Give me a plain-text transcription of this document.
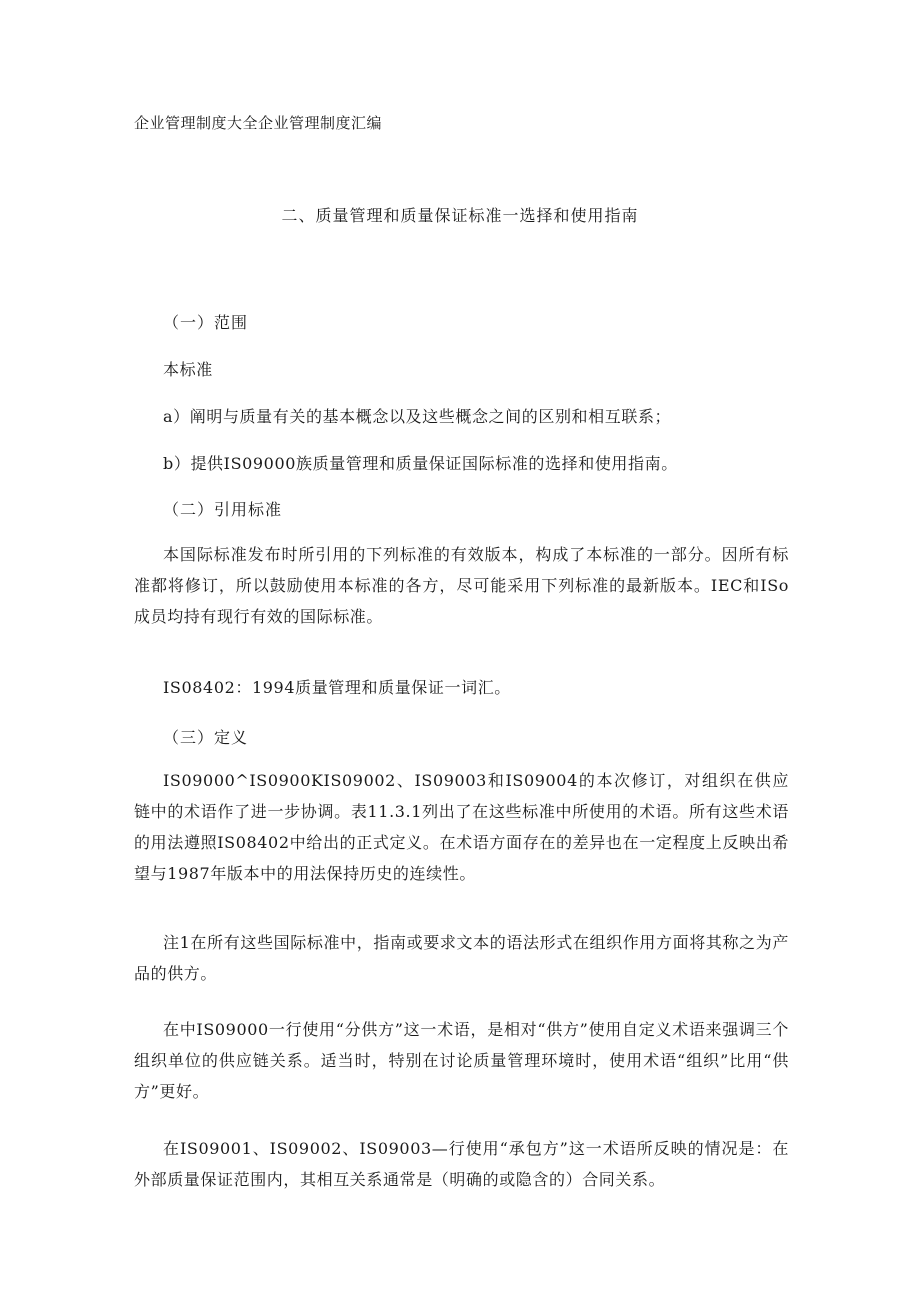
企业管理制度大全企业管理制度汇编
二、质量管理和质量保证标准一选择和使用指南
（一）范围
本标准
a）阐明与质量有关的基本概念以及这些概念之间的区别和相互联系；
b）提供IS09000族质量管理和质量保证国际标准的选择和使用指南。
（二）引用标准
本国际标准发布时所引用的下列标准的有效版本，构成了本标准的一部分。因所有标准都将修订，所以鼓励使用本标准的各方，尽可能采用下列标准的最新版本。IEC和ISo成员均持有现行有效的国际标准。
IS08402：1994质量管理和质量保证一词汇。
（三）定义
IS09000^IS0900KIS09002、IS09003和IS09004的本次修订，对组织在供应链中的术语作了进一步协调。表11.3.1列出了在这些标准中所使用的术语。所有这些术语的用法遵照IS08402中给出的正式定义。在术语方面存在的差异也在一定程度上反映出希望与1987年版本中的用法保持历史的连续性。
注1在所有这些国际标准中，指南或要求文本的语法形式在组织作用方面将其称之为产品的供方。
在中IS09000一行使用“分供方”这一术语，是相对“供方”使用自定义术语来强调三个组织单位的供应链关系。适当时，特别在讨论质量管理环境时，使用术语“组织”比用“供方”更好。
在IS09001、IS09002、IS09003—行使用“承包方”这一术语所反映的情况是：在外部质量保证范围内，其相互关系通常是（明确的或隐含的）合同关系。
